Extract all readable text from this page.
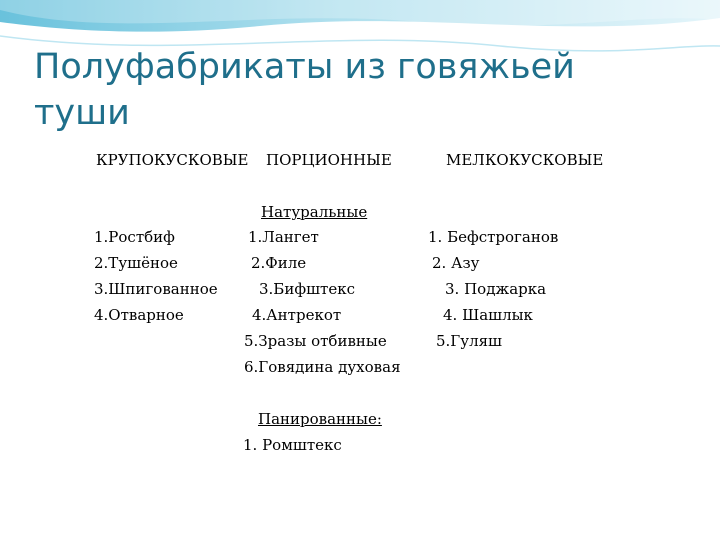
Полуфабрикаты из говяжьей туши
КРУПОКУСКОВЫЕ ПОРЦИОННЫЕ	МЕЛКОКУСКОВЫЕ
1.Ростбиф
2.Тушёное
3.Шпигованное
4.Отварное
Натуральные
1.Лангет
2.Филе
3.Бифштекс
4.Антрекот
5.Зразы отбивные
6.Говядина духовая
Панированные:
1. Ромштекс
1. Бефстроганов
2. Азу
3. Поджарка
4. Шашлык
5.Гуляш
